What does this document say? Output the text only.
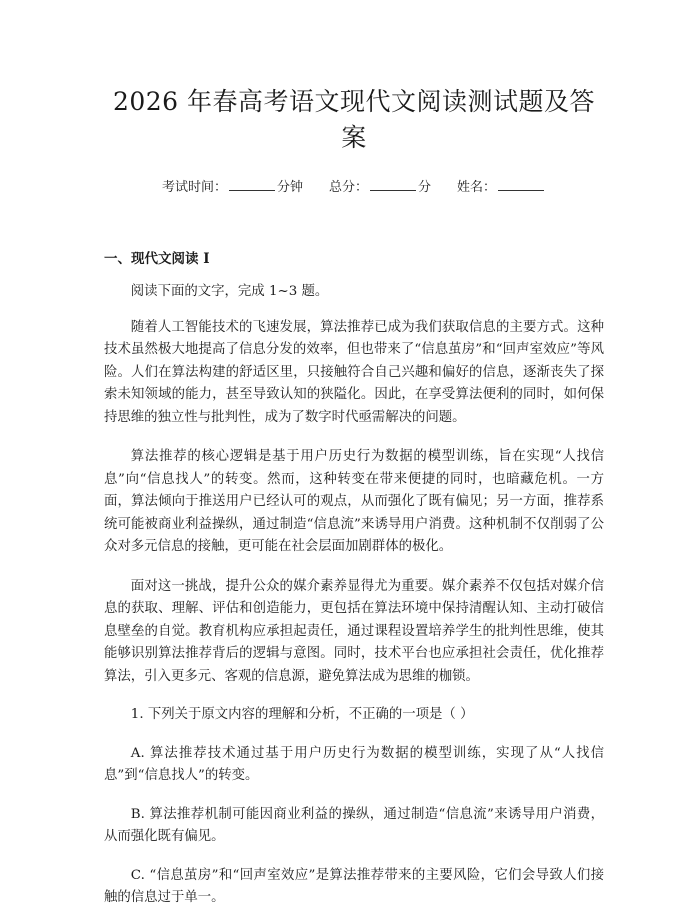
2026 年春高考语文现代文阅读测试题及答案
考试时间：	分钟 总分：	分 姓名：
一、现代文阅读 I

阅读下面的文字，完成 1~3 题。

随着人工智能技术的飞速发展，算法推荐已成为我们获取信息的主要方式。这种技术虽然极大地提高了信息分发的效率，但也带来了“信息茧房”和“回声室效应”等风险。人们在算法构建的舒适区里，只接触符合自己兴趣和偏好的信息，逐渐丧失了探索未知领域的能力，甚至导致认知的狭隘化。因此，在享受算法便利的同时，如何保持思维的独立性与批判性，成为了数字时代亟需解决的问题。

算法推荐的核心逻辑是基于用户历史行为数据的模型训练，旨在实现“人找信息”向“信息找人”的转变。然而，这种转变在带来便捷的同时，也暗藏危机。一方面，算法倾向于推送用户已经认可的观点，从而强化了既有偏见；另一方面，推荐系统可能被商业利益操纵，通过制造“信息流”来诱导用户消费。这种机制不仅削弱了公众对多元信息的接触，更可能在社会层面加剧群体的极化。

面对这一挑战，提升公众的媒介素养显得尤为重要。媒介素养不仅包括对媒介信息的获取、理解、评估和创造能力，更包括在算法环境中保持清醒认知、主动打破信息壁垒的自觉。教育机构应承担起责任，通过课程设置培养学生的批判性思维，使其能够识别算法推荐背后的逻辑与意图。同时，技术平台也应承担社会责任，优化推荐算法，引入更多元、客观的信息源，避免算法成为思维的枷锁。

1. 下列关于原文内容的理解和分析，不正确的一项是（ ）

A. 算法推荐技术通过基于用户历史行为数据的模型训练，实现了从“人找信息”到“信息找人”的转变。

B. 算法推荐机制可能因商业利益的操纵，通过制造“信息流”来诱导用户消费，从而强化既有偏见。

C. “信息茧房”和“回声室效应”是算法推荐带来的主要风险，它们会导致人们接触的信息过于单一。
